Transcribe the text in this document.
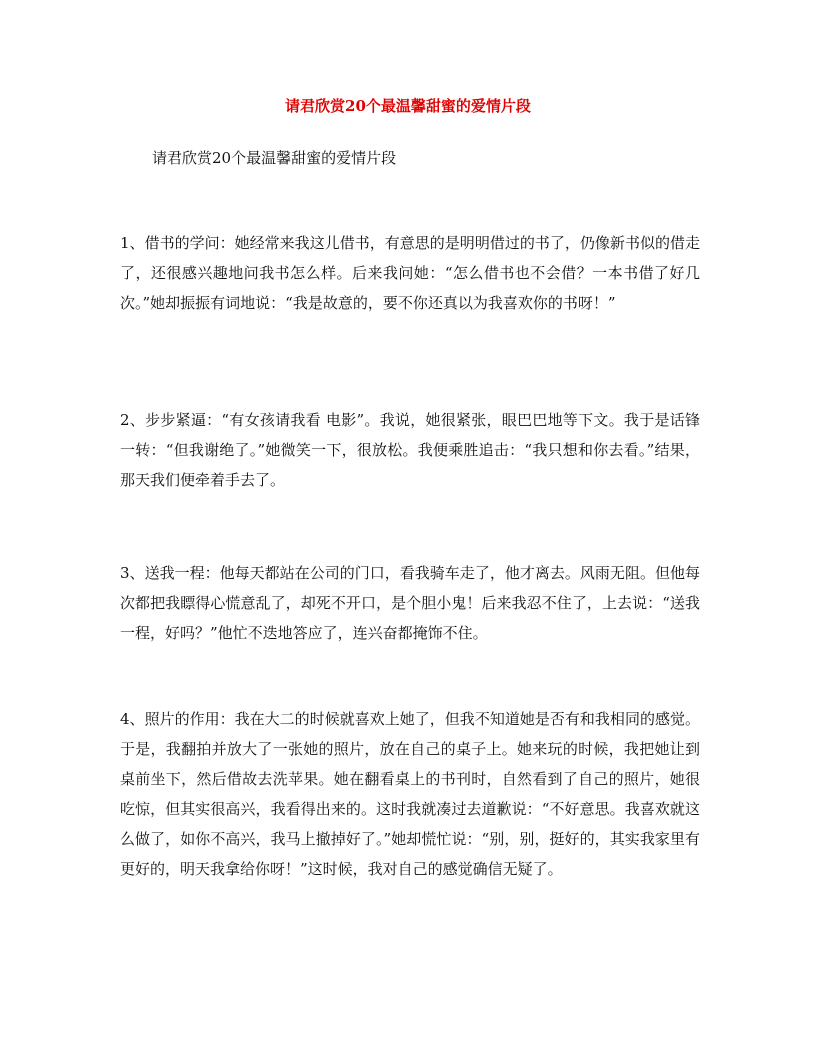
请君欣赏20个最温馨甜蜜的爱情片段
请君欣赏20个最温馨甜蜜的爱情片段

1、借书的学问：她经常来我这儿借书，有意思的是明明借过的书了，仍像新书似的借走了，还很感兴趣地问我书怎么样。后来我问她：“怎么借书也不会借？一本书借了好几次。”她却振振有词地说：“我是故意的，要不你还真以为我喜欢你的书呀！”

2、步步紧逼：“有女孩请我看 电影”。我说，她很紧张，眼巴巴地等下文。我于是话锋一转：“但我谢绝了。”她微笑一下，很放松。我便乘胜追击：“我只想和你去看。”结果，那天我们便牵着手去了。

3、送我一程：他每天都站在公司的门口，看我骑车走了，他才离去。风雨无阻。但他每次都把我瞟得心慌意乱了，却死不开口，是个胆小鬼！后来我忍不住了，上去说：“送我一程，好吗？”他忙不迭地答应了，连兴奋都掩饰不住。

4、照片的作用：我在大二的时候就喜欢上她了，但我不知道她是否有和我相同的感觉。于是，我翻拍并放大了一张她的照片，放在自己的桌子上。她来玩的时候，我把她让到桌前坐下，然后借故去洗苹果。她在翻看桌上的书刊时，自然看到了自己的照片，她很吃惊，但其实很高兴，我看得出来的。这时我就凑过去道歉说：“不好意思。我喜欢就这么做了，如你不高兴，我马上撤掉好了。”她却慌忙说：“别，别，挺好的，其实我家里有更好的，明天我拿给你呀！”这时候，我对自己的感觉确信无疑了。
